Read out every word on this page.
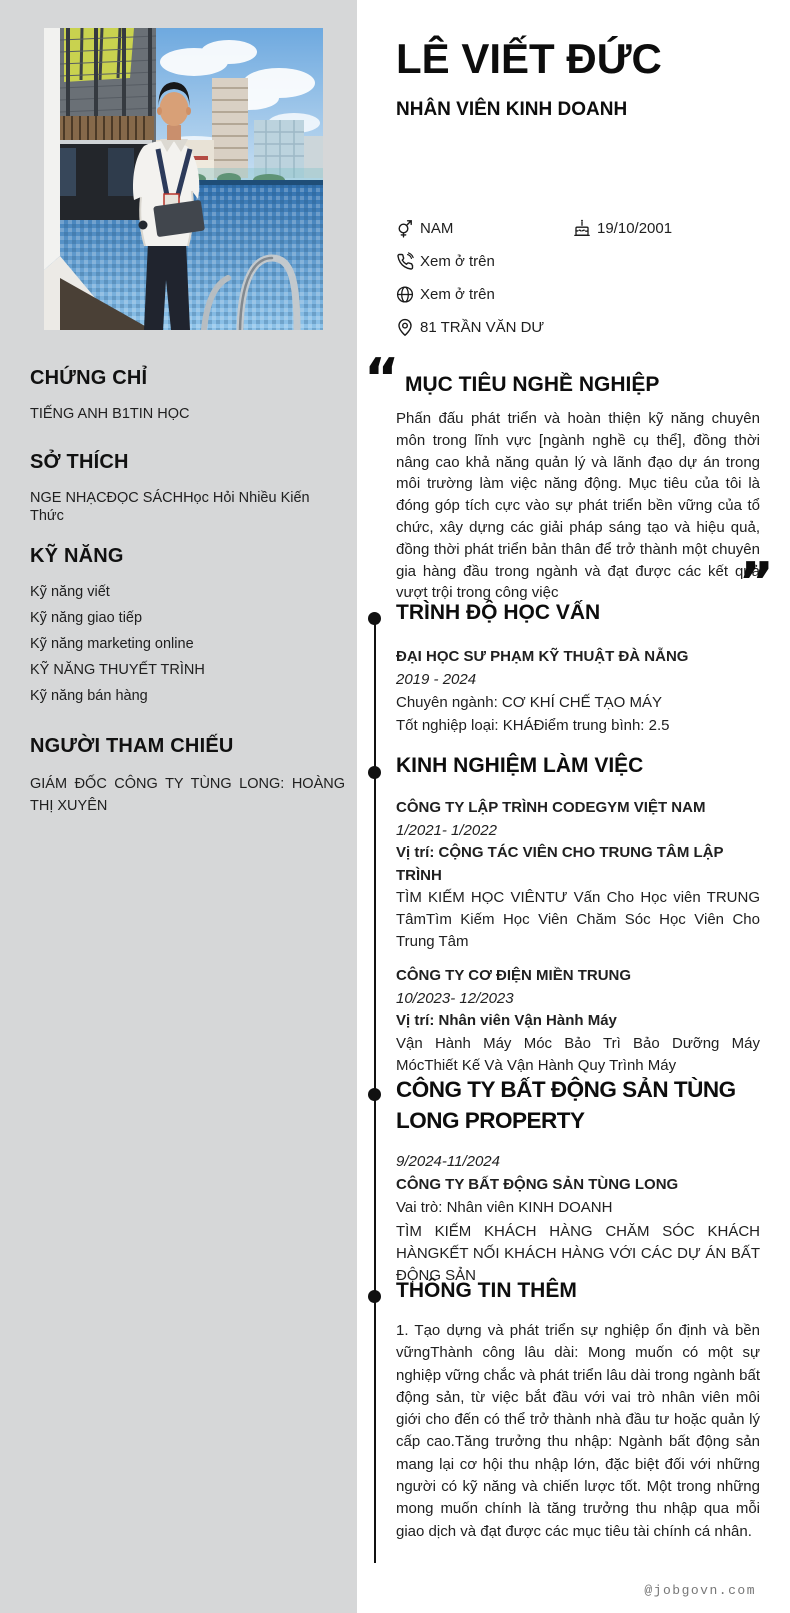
CHỨNG CHỈ
TIẾNG ANH B1TIN HỌC
SỞ THÍCH
NGE NHẠCĐỌC SÁCHHọc Hỏi Nhiều Kiến Thức
KỸ NĂNG
Kỹ năng viết
Kỹ năng giao tiếp
Kỹ năng marketing online
KỸ NĂNG THUYẾT TRÌNH
Kỹ năng bán hàng
NGƯỜI THAM CHIẾU
GIÁM ĐỐC CÔNG TY TÙNG LONG: HOÀNG THỊ XUYÊN
LÊ VIẾT ĐỨC
NHÂN VIÊN KINH DOANH
NAM	19/10/2001
Xem ở trên
Xem ở trên
81 TRẦN VĂN DƯ
“ MỤC TIÊU NGHỀ NGHIỆP

Phấn đấu phát triển và hoàn thiện kỹ năng chuyên môn trong lĩnh vực [ngành nghề cụ thể], đồng thời nâng cao khả năng quản lý và lãnh đạo dự án trong môi trường làm việc năng động. Mục tiêu của tôi là đóng góp tích cực vào sự phát triển bền vững của tổ chức, xây dựng các giải pháp sáng tạo và hiệu quả, đồng thời phát triển bản thân để trở thành một chuyên gia hàng đầu trong ngành và đạt được các kết quả vượt trội trong công việc	”
TRÌNH ĐỘ HỌC VẤN

ĐẠI HỌC SƯ PHẠM KỸ THUẬT ĐÀ NẴNG

2019 - 2024

Chuyên ngành: CƠ KHÍ CHẾ TẠO MÁY

Tốt nghiệp loại: KHÁĐiểm trung bình: 2.5

KINH NGHIỆM LÀM VIỆC

CÔNG TY LẬP TRÌNH CODEGYM VIỆT NAM

1/2021- 1/2022

Vị trí: CỘNG TÁC VIÊN CHO TRUNG TÂM LẬP TRÌNH

TÌM KIẾM HỌC VIÊNTƯ Vấn Cho Học viên TRUNG TâmTìm Kiếm Học Viên Chăm Sóc Học Viên Cho Trung Tâm

CÔNG TY CƠ ĐIỆN MIỀN TRUNG

10/2023- 12/2023

Vị trí: Nhân viên Vận Hành Máy

Vận Hành Máy Móc Bảo Trì Bảo Dưỡng Máy MócThiết Kế Và Vận Hành Quy Trình Máy

CÔNG TY BẤT ĐỘNG SẢN TÙNG LONG PROPERTY

9/2024-11/2024

CÔNG TY BẤT ĐỘNG SẢN TÙNG LONG

Vai trò: Nhân viên KINH DOANH

TÌM KIẾM KHÁCH HÀNG CHĂM SÓC KHÁCH HÀNGKẾT NỐI KHÁCH HÀNG VỚI CÁC DỰ ÁN BẤT ĐỘNG SẢN

THÔNG TIN THÊM

1. Tạo dựng và phát triển sự nghiệp ổn định và bền vữngThành công lâu dài: Mong muốn có một sự nghiệp vững chắc và phát triển lâu dài trong ngành bất động sản, từ việc bắt đầu với vai trò nhân viên môi giới cho đến có thể trở thành nhà đầu tư hoặc quản lý cấp cao.Tăng trưởng thu nhập: Ngành bất động sản mang lại cơ hội thu nhập lớn, đặc biệt đối với những người có kỹ năng và chiến lược tốt. Một trong những mong muốn chính là tăng trưởng thu nhập qua mỗi giao dịch và đạt được các mục tiêu tài chính cá nhân.

@jobgovn.com
